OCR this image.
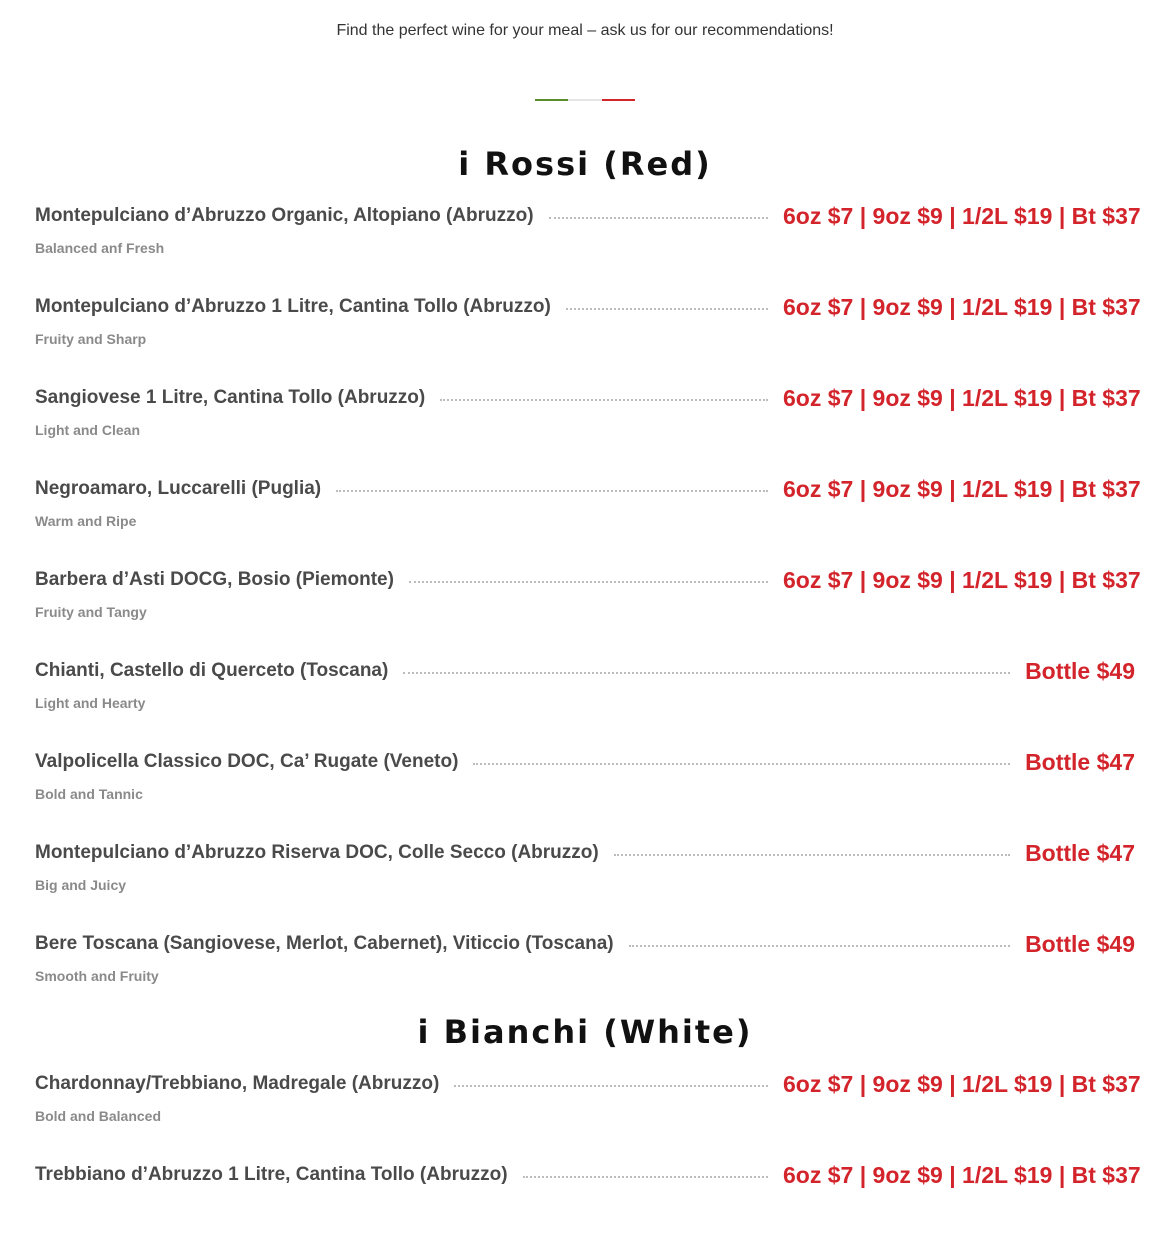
Find the perfect wine for your meal – ask us for our recommendations!
i Rossi (Red)
Montepulciano d’Abruzzo Organic, Altopiano (Abruzzo)	6oz $7 | 9oz $9 | 1/2L $19 | Bt $37
Balanced anf Fresh
Montepulciano d’Abruzzo 1 Litre, Cantina Tollo (Abruzzo)	6oz $7 | 9oz $9 | 1/2L $19 | Bt $37
Fruity and Sharp
Sangiovese 1 Litre, Cantina Tollo (Abruzzo)	6oz $7 | 9oz $9 | 1/2L $19 | Bt $37
Light and Clean
Negroamaro, Luccarelli (Puglia)	6oz $7 | 9oz $9 | 1/2L $19 | Bt $37
Warm and Ripe
Barbera d’Asti DOCG, Bosio (Piemonte)	6oz $7 | 9oz $9 | 1/2L $19 | Bt $37
Fruity and Tangy
Chianti, Castello di Querceto (Toscana)	Bottle $49
Light and Hearty
Valpolicella Classico DOC, Ca’ Rugate (Veneto)	Bottle $47
Bold and Tannic
Montepulciano d’Abruzzo Riserva DOC, Colle Secco (Abruzzo)	Bottle $47
Big and Juicy
Bere Toscana (Sangiovese, Merlot, Cabernet), Viticcio (Toscana)	Bottle $49
Smooth and Fruity
i Bianchi (White)
Chardonnay/Trebbiano, Madregale (Abruzzo)	6oz $7 | 9oz $9 | 1/2L $19 | Bt $37
Bold and Balanced
Trebbiano d’Abruzzo 1 Litre, Cantina Tollo (Abruzzo)	6oz $7 | 9oz $9 | 1/2L $19 | Bt $37
